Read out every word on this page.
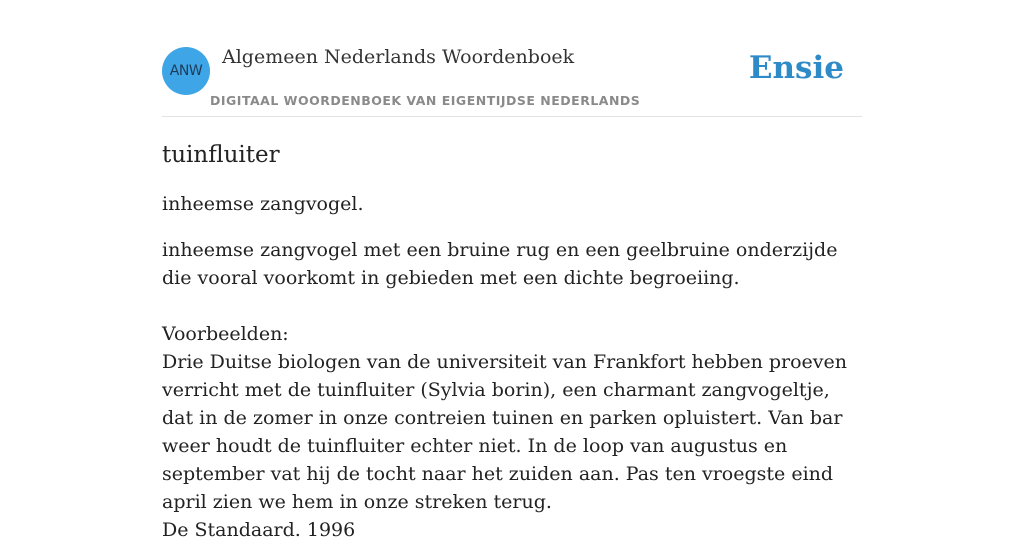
ANW
Algemeen Nederlands Woordenboek
DIGITAAL WOORDENBOEK VAN EIGENTIJDSE NEDERLANDS
Ensie
tuinfluiter

inheemse zangvogel.

inheemse zangvogel met een bruine rug en een geelbruine onderzijde die vooral voorkomt in gebieden met een dichte begroeiing.

Voorbeelden:

Drie Duitse biologen van de universiteit van Frankfort hebben proeven verricht met de tuinfluiter (Sylvia borin), een charmant zangvogeltje, dat in de zomer in onze contreien tuinen en parken opluistert. Van bar weer houdt de tuinfluiter echter niet. In de loop van augustus en september vat hij de tocht naar het zuiden aan. Pas ten vroegste eind april zien we hem in onze streken terug.

De Standaard. 1996
